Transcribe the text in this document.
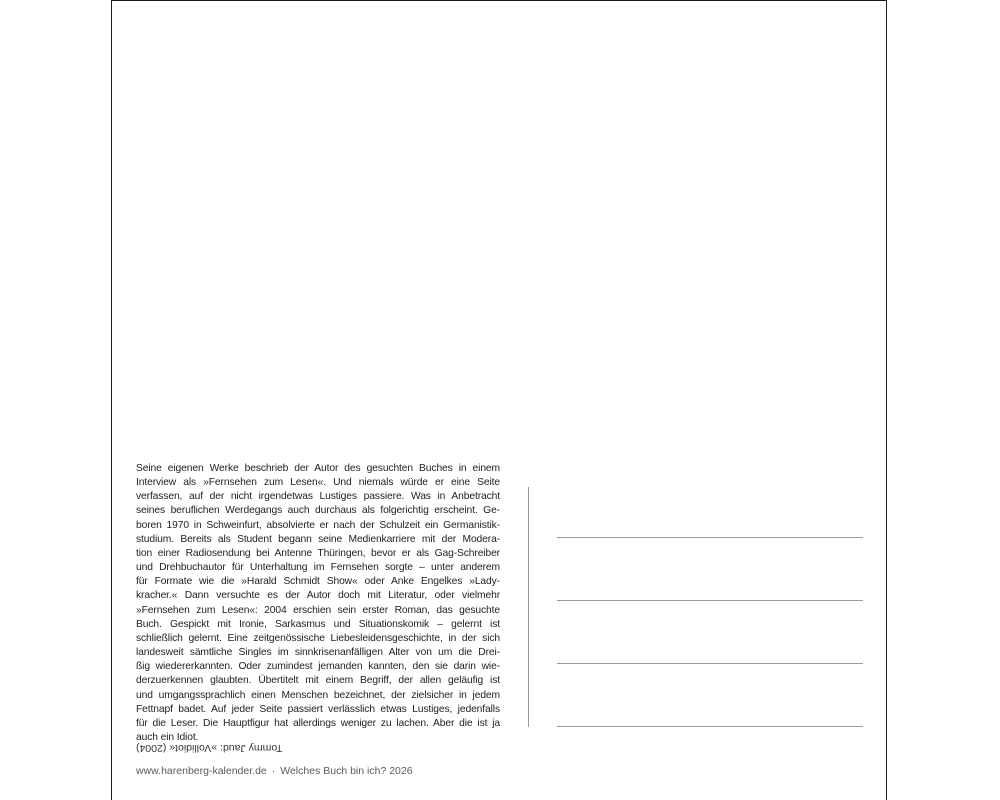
Seine eigenen Werke beschrieb der Autor des gesuchten Buches in einem
Interview als »Fernsehen zum Lesen«. Und niemals würde er eine Seite
verfassen, auf der nicht irgendetwas Lustiges passiere. Was in Anbetracht
seines beruflichen Werdegangs auch durchaus als folgerichtig erscheint. Ge-
boren 1970 in Schweinfurt, absolvierte er nach der Schulzeit ein Germanistik-
studium. Bereits als Student begann seine Medienkarriere mit der Modera-
tion einer Radiosendung bei Antenne Thüringen, bevor er als Gag-Schreiber
und Drehbuchautor für Unterhaltung im Fernsehen sorgte – unter anderem
für Formate wie die »Harald Schmidt Show« oder Anke Engelkes »Lady-
kracher.« Dann versuchte es der Autor doch mit Literatur, oder vielmehr
»Fernsehen zum Lesen«: 2004 erschien sein erster Roman, das gesuchte
Buch. Gespickt mit Ironie, Sarkasmus und Situationskomik – gelernt ist
schließlich gelernt. Eine zeitgenössische Liebesleidensgeschichte, in der sich
landesweit sämtliche Singles im sinnkrisenanfälligen Alter von um die Drei-
ßig wiedererkannten. Oder zumindest jemanden kannten, den sie darin wie-
derzuerkennen glaubten. Übertitelt mit einem Begriff, der allen geläufig ist
und umgangssprachlich einen Menschen bezeichnet, der zielsicher in jedem
Fettnapf badet. Auf jeder Seite passiert verlässlich etwas Lustiges, jedenfalls
für die Leser. Die Hauptfigur hat allerdings weniger zu lachen. Aber die ist ja
auch ein Idiot.

Tommy Jaud: »Vollidiot« (2004)
www.harenberg-kalender.de · Welches Buch bin ich? 2026
